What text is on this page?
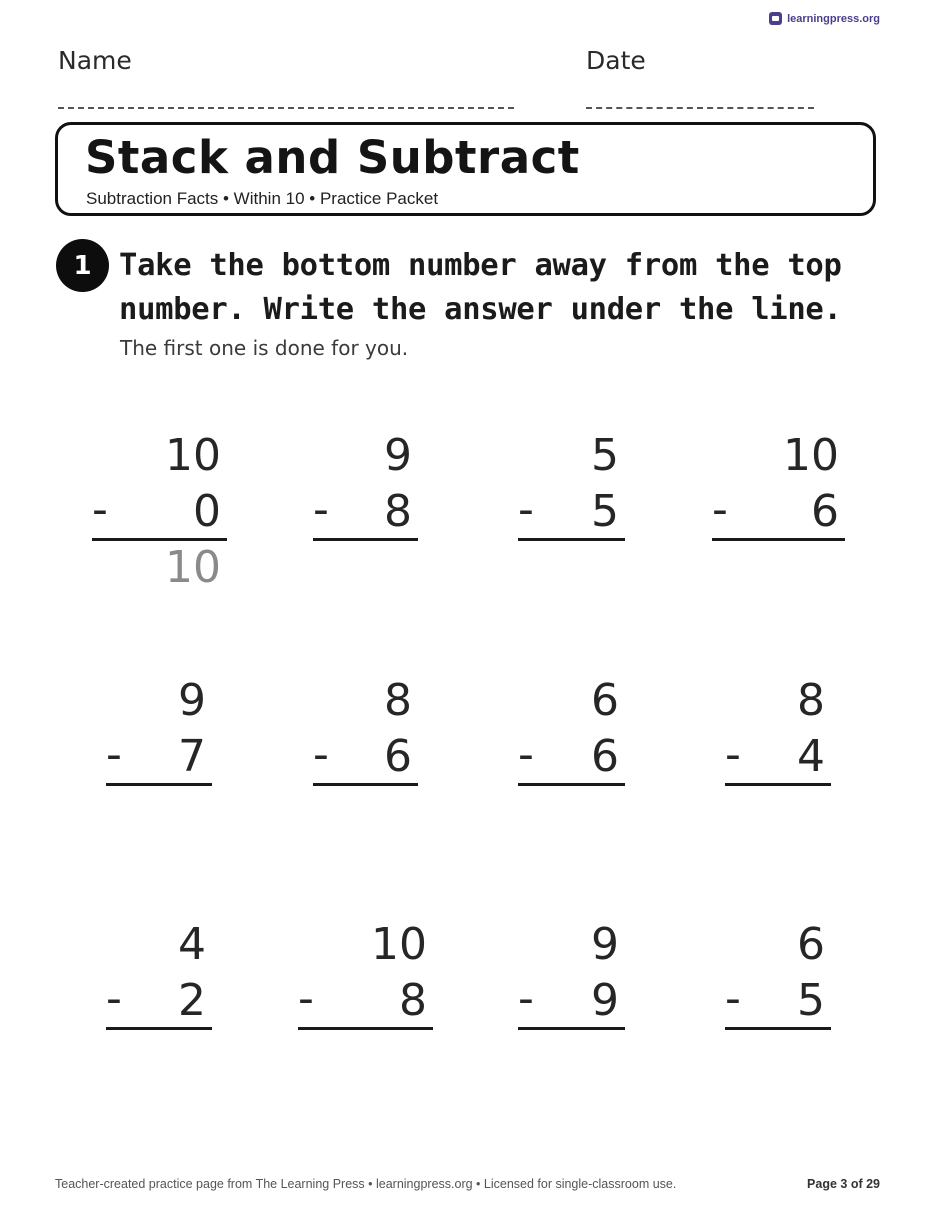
learningpress.org
Name	Date
Stack and Subtract
Subtraction Facts • Within 10 • Practice Packet
1 Take the bottom number away from the top number. Write the answer under the line.

The first one is done for you.
10
- 0
10
9
- 8
5
- 5
10
- 6
9
- 7
8
- 6
6
- 6
8
- 4
4
- 2
10
- 8
9
- 9
6
- 5
Teacher-created practice page from The Learning Press • learningpress.org • Licensed for single-classroom use.	Page 3 of 29
